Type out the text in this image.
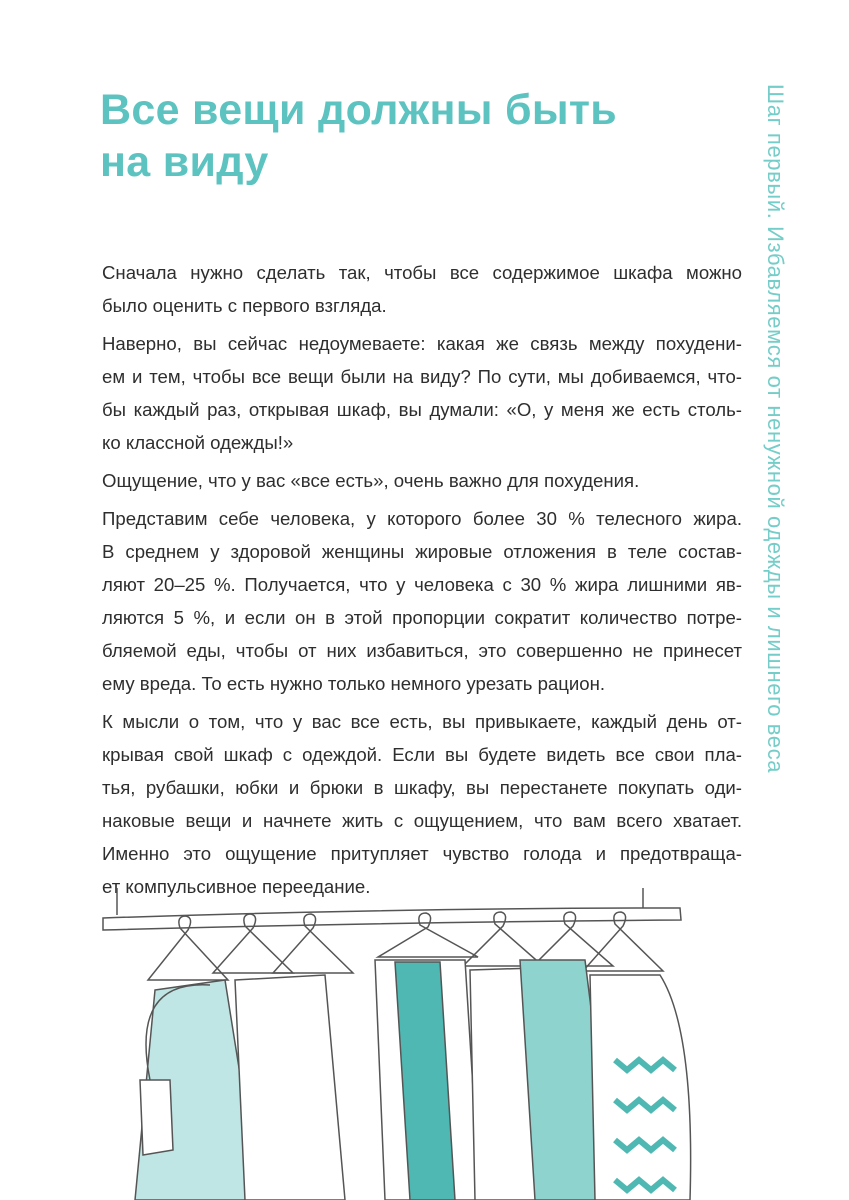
Все вещи должны быть
на виду	Шаг первый. Избавляемся от ненужной одежды и лишнего веса
Сначала нужно сделать так, чтобы все содержимое шкафа можно
было оценить с первого взгляда.
Наверно, вы сейчас недоумеваете: какая же связь между похудени-
ем и тем, чтобы все вещи были на виду? По сути, мы добиваемся, что-
бы каждый раз, открывая шкаф, вы думали: «О, у меня же есть столь-
ко классной одежды!»
Ощущение, что у вас «все есть», очень важно для похудения.
Представим себе человека, у которого более 30 % телесного жира.
В среднем у здоровой женщины жировые отложения в теле состав-
ляют 20–25 %. Получается, что у человека с 30 % жира лишними яв-
ляются 5 %, и если он в этой пропорции сократит количество потре-
бляемой еды, чтобы от них избавиться, это совершенно не принесет
ему вреда. То есть нужно только немного урезать рацион.
К мысли о том, что у вас все есть, вы привыкаете, каждый день от-
крывая свой шкаф с одеждой. Если вы будете видеть все свои пла-
тья, рубашки, юбки и брюки в шкафу, вы перестанете покупать оди-
наковые вещи и начнете жить с ощущением, что вам всего хватает.
Именно это ощущение притупляет чувство голода и предотвраща-
ет компульсивное переедание.
